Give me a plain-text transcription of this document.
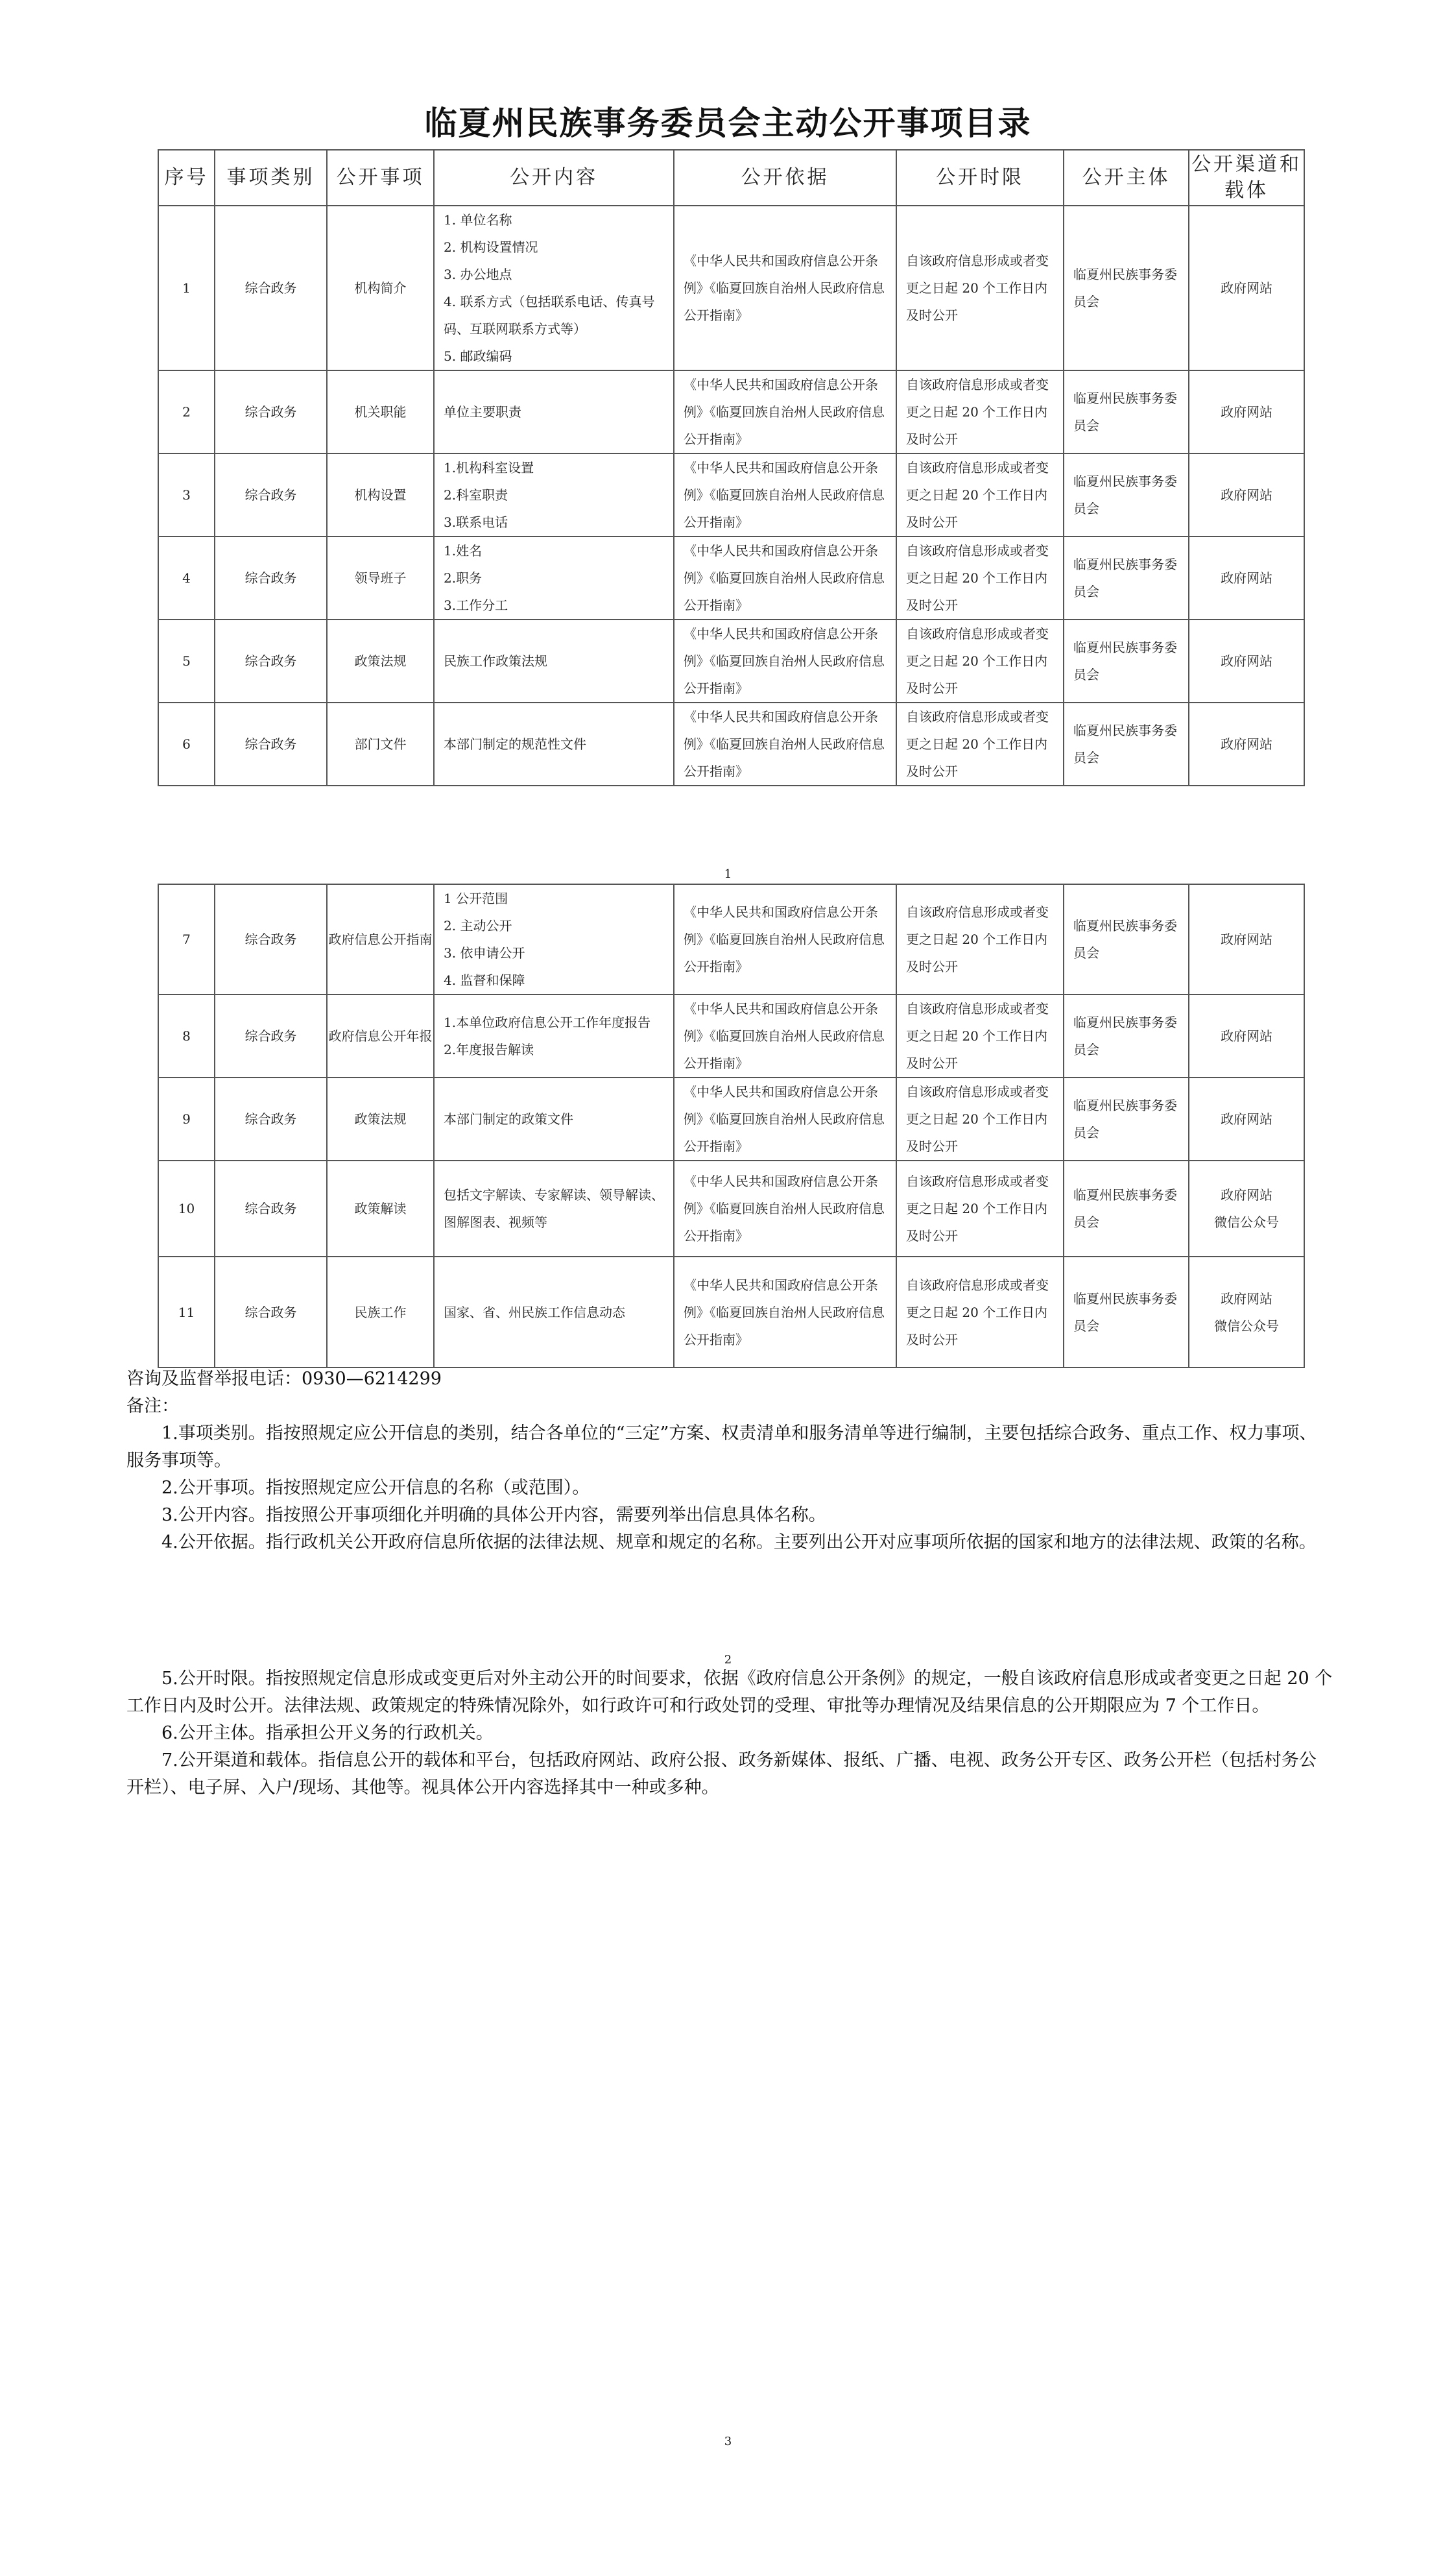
临夏州民族事务委员会主动公开事项目录
序号	事项类别	公开事项	公开内容	公开依据	公开时限	公开主体	公开渠道和载体
1	综合政务	机构简介	1. 单位名称
2. 机构设置情况
3. 办公地点
4. 联系方式（包括联系电话、传真号码、互联网联系方式等）
5. 邮政编码	《中华人民共和国政府信息公开条例》《临夏回族自治州人民政府信息公开指南》	自该政府信息形成或者变更之日起 20 个工作日内及时公开	临夏州民族事务委员会	政府网站

2	综合政务	机关职能	单位主要职责	《中华人民共和国政府信息公开条例》《临夏回族自治州人民政府信息公开指南》	自该政府信息形成或者变更之日起 20 个工作日内及时公开	临夏州民族事务委员会	政府网站

3	综合政务	机构设置	1.机构科室设置
2.科室职责
3.联系电话	《中华人民共和国政府信息公开条例》《临夏回族自治州人民政府信息公开指南》	自该政府信息形成或者变更之日起 20 个工作日内及时公开	临夏州民族事务委员会	政府网站

4	综合政务	领导班子	1.姓名
2.职务
3.工作分工	《中华人民共和国政府信息公开条例》《临夏回族自治州人民政府信息公开指南》	自该政府信息形成或者变更之日起 20 个工作日内及时公开	临夏州民族事务委员会	政府网站

5	综合政务	政策法规	民族工作政策法规	《中华人民共和国政府信息公开条例》《临夏回族自治州人民政府信息公开指南》	自该政府信息形成或者变更之日起 20 个工作日内及时公开	临夏州民族事务委员会	政府网站

6	综合政务	部门文件	本部门制定的规范性文件	《中华人民共和国政府信息公开条例》《临夏回族自治州人民政府信息公开指南》	自该政府信息形成或者变更之日起 20 个工作日内及时公开	临夏州民族事务委员会	政府网站
1
7	综合政务	政府信息公开指南	1 公开范围
2. 主动公开
3. 依申请公开
4. 监督和保障	《中华人民共和国政府信息公开条例》《临夏回族自治州人民政府信息公开指南》	自该政府信息形成或者变更之日起 20 个工作日内及时公开	临夏州民族事务委员会	政府网站

8	综合政务	政府信息公开年报	1.本单位政府信息公开工作年度报告
2.年度报告解读	《中华人民共和国政府信息公开条例》《临夏回族自治州人民政府信息公开指南》	自该政府信息形成或者变更之日起 20 个工作日内及时公开	临夏州民族事务委员会	政府网站

9	综合政务	政策法规	本部门制定的政策文件	《中华人民共和国政府信息公开条例》《临夏回族自治州人民政府信息公开指南》	自该政府信息形成或者变更之日起 20 个工作日内及时公开	临夏州民族事务委员会	政府网站

10	综合政务	政策解读	包括文字解读、专家解读、领导解读、图解图表、视频等	《中华人民共和国政府信息公开条例》《临夏回族自治州人民政府信息公开指南》	自该政府信息形成或者变更之日起 20 个工作日内及时公开	临夏州民族事务委员会	政府网站
微信公众号

11	综合政务	民族工作	国家、省、州民族工作信息动态	《中华人民共和国政府信息公开条例》《临夏回族自治州人民政府信息公开指南》	自该政府信息形成或者变更之日起 20 个工作日内及时公开	临夏州民族事务委员会	政府网站
微信公众号
咨询及监督举报电话：0930—6214299
备注：

1.事项类别。指按照规定应公开信息的类别，结合各单位的“三定”方案、权责清单和服务清单等进行编制，主要包括综合政务、重点工作、权力事项、服务事项等。

2.公开事项。指按照规定应公开信息的名称（或范围）。

3.公开内容。指按照公开事项细化并明确的具体公开内容，需要列举出信息具体名称。

4.公开依据。指行政机关公开政府信息所依据的法律法规、规章和规定的名称。主要列出公开对应事项所依据的国家和地方的法律法规、政策的名称。

2

5.公开时限。指按照规定信息形成或变更后对外主动公开的时间要求，依据《政府信息公开条例》的规定，一般自该政府信息形成或者变更之日起 20 个工作日内及时公开。法律法规、政策规定的特殊情况除外，如行政许可和行政处罚的受理、审批等办理情况及结果信息的公开期限应为 7 个工作日。

6.公开主体。指承担公开义务的行政机关。

7.公开渠道和载体。指信息公开的载体和平台，包括政府网站、政府公报、政务新媒体、报纸、广播、电视、政务公开专区、政务公开栏（包括村务公开栏）、电子屏、入户/现场、其他等。视具体公开内容选择其中一种或多种。

3
